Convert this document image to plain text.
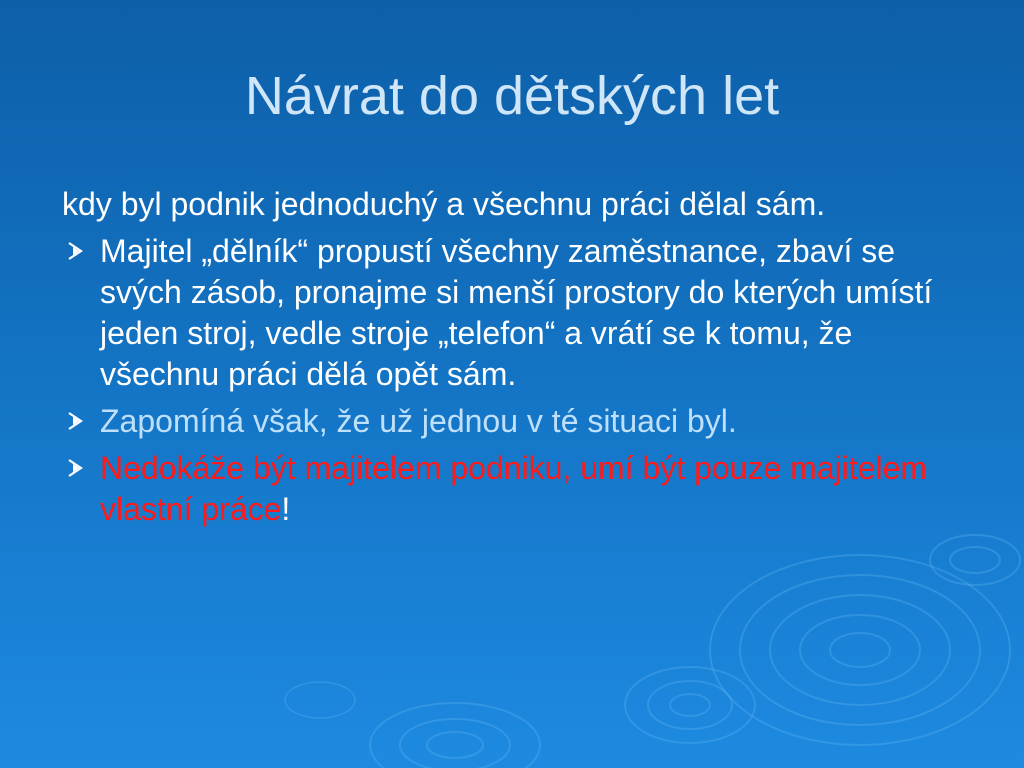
Návrat do dětských let
kdy byl podnik jednoduchý a všechnu práci dělal sám.
Majitel „dělník“ propustí všechny zaměstnance, zbaví se svých zásob, pronajme si menší prostory do kterých umístí jeden stroj, vedle stroje „telefon“ a vrátí se k tomu, že všechnu práci dělá opět sám.
Zapomíná však, že už jednou v té situaci byl.
Nedokáže být majitelem podniku, umí být pouze majitelem vlastní práce!
